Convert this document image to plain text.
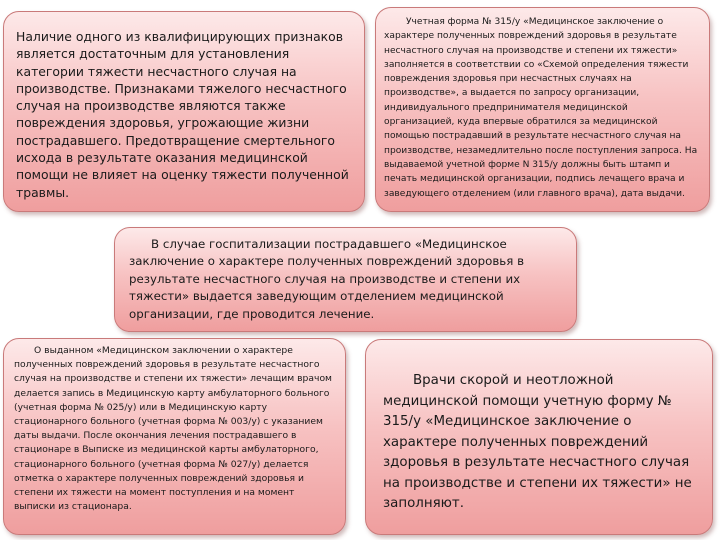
Наличие одного из квалифицирующих признаков является достаточным для установления категории тяжести несчастного случая на производстве. Признаками тяжелого несчастного случая на производстве являются также повреждения здоровья, угрожающие жизни пострадавшего. Предотвращение смертельного исхода в результате оказания медицинской помощи не влияет на оценку тяжести полученной травмы.

Учетная форма № 315/у «Медицинское заключение о характере полученных повреждений здоровья в результате несчастного случая на производстве и степени их тяжести» заполняется в соответствии со «Схемой определения тяжести повреждения здоровья при несчастных случаях на производстве», а выдается по запросу организации, индивидуального предпринимателя медицинской организацией, куда впервые обратился за медицинской помощью пострадавший в результате несчастного случая на производстве, незамедлительно после поступления запроса. На выдаваемой учетной форме N 315/у должны быть штамп и печать медицинской организации, подпись лечащего врача и заведующего отделением (или главного врача), дата выдачи.

В случае госпитализации пострадавшего «Медицинское заключение о характере полученных повреждений здоровья в результате несчастного случая на производстве и степени их тяжести» выдается заведующим отделением медицинской организации, где проводится лечение.

О выданном «Медицинском заключении о характере полученных повреждений здоровья в результате несчастного случая на производстве и степени их тяжести» лечащим врачом делается запись в Медицинскую карту амбулаторного больного (учетная форма № 025/у) или в Медицинскую карту стационарного больного (учетная форма № 003/у) с указанием даты выдачи. После окончания лечения пострадавшего в стационаре в Выписке из медицинской карты амбулаторного, стационарного больного (учетная форма № 027/у) делается отметка о характере полученных повреждений здоровья и степени их тяжести на момент поступления и на момент выписки из стационара.

Врачи скорой и неотложной медицинской помощи учетную форму № 315/у «Медицинское заключение о характере полученных повреждений здоровья в результате несчастного случая на производстве и степени их тяжести» не заполняют.
